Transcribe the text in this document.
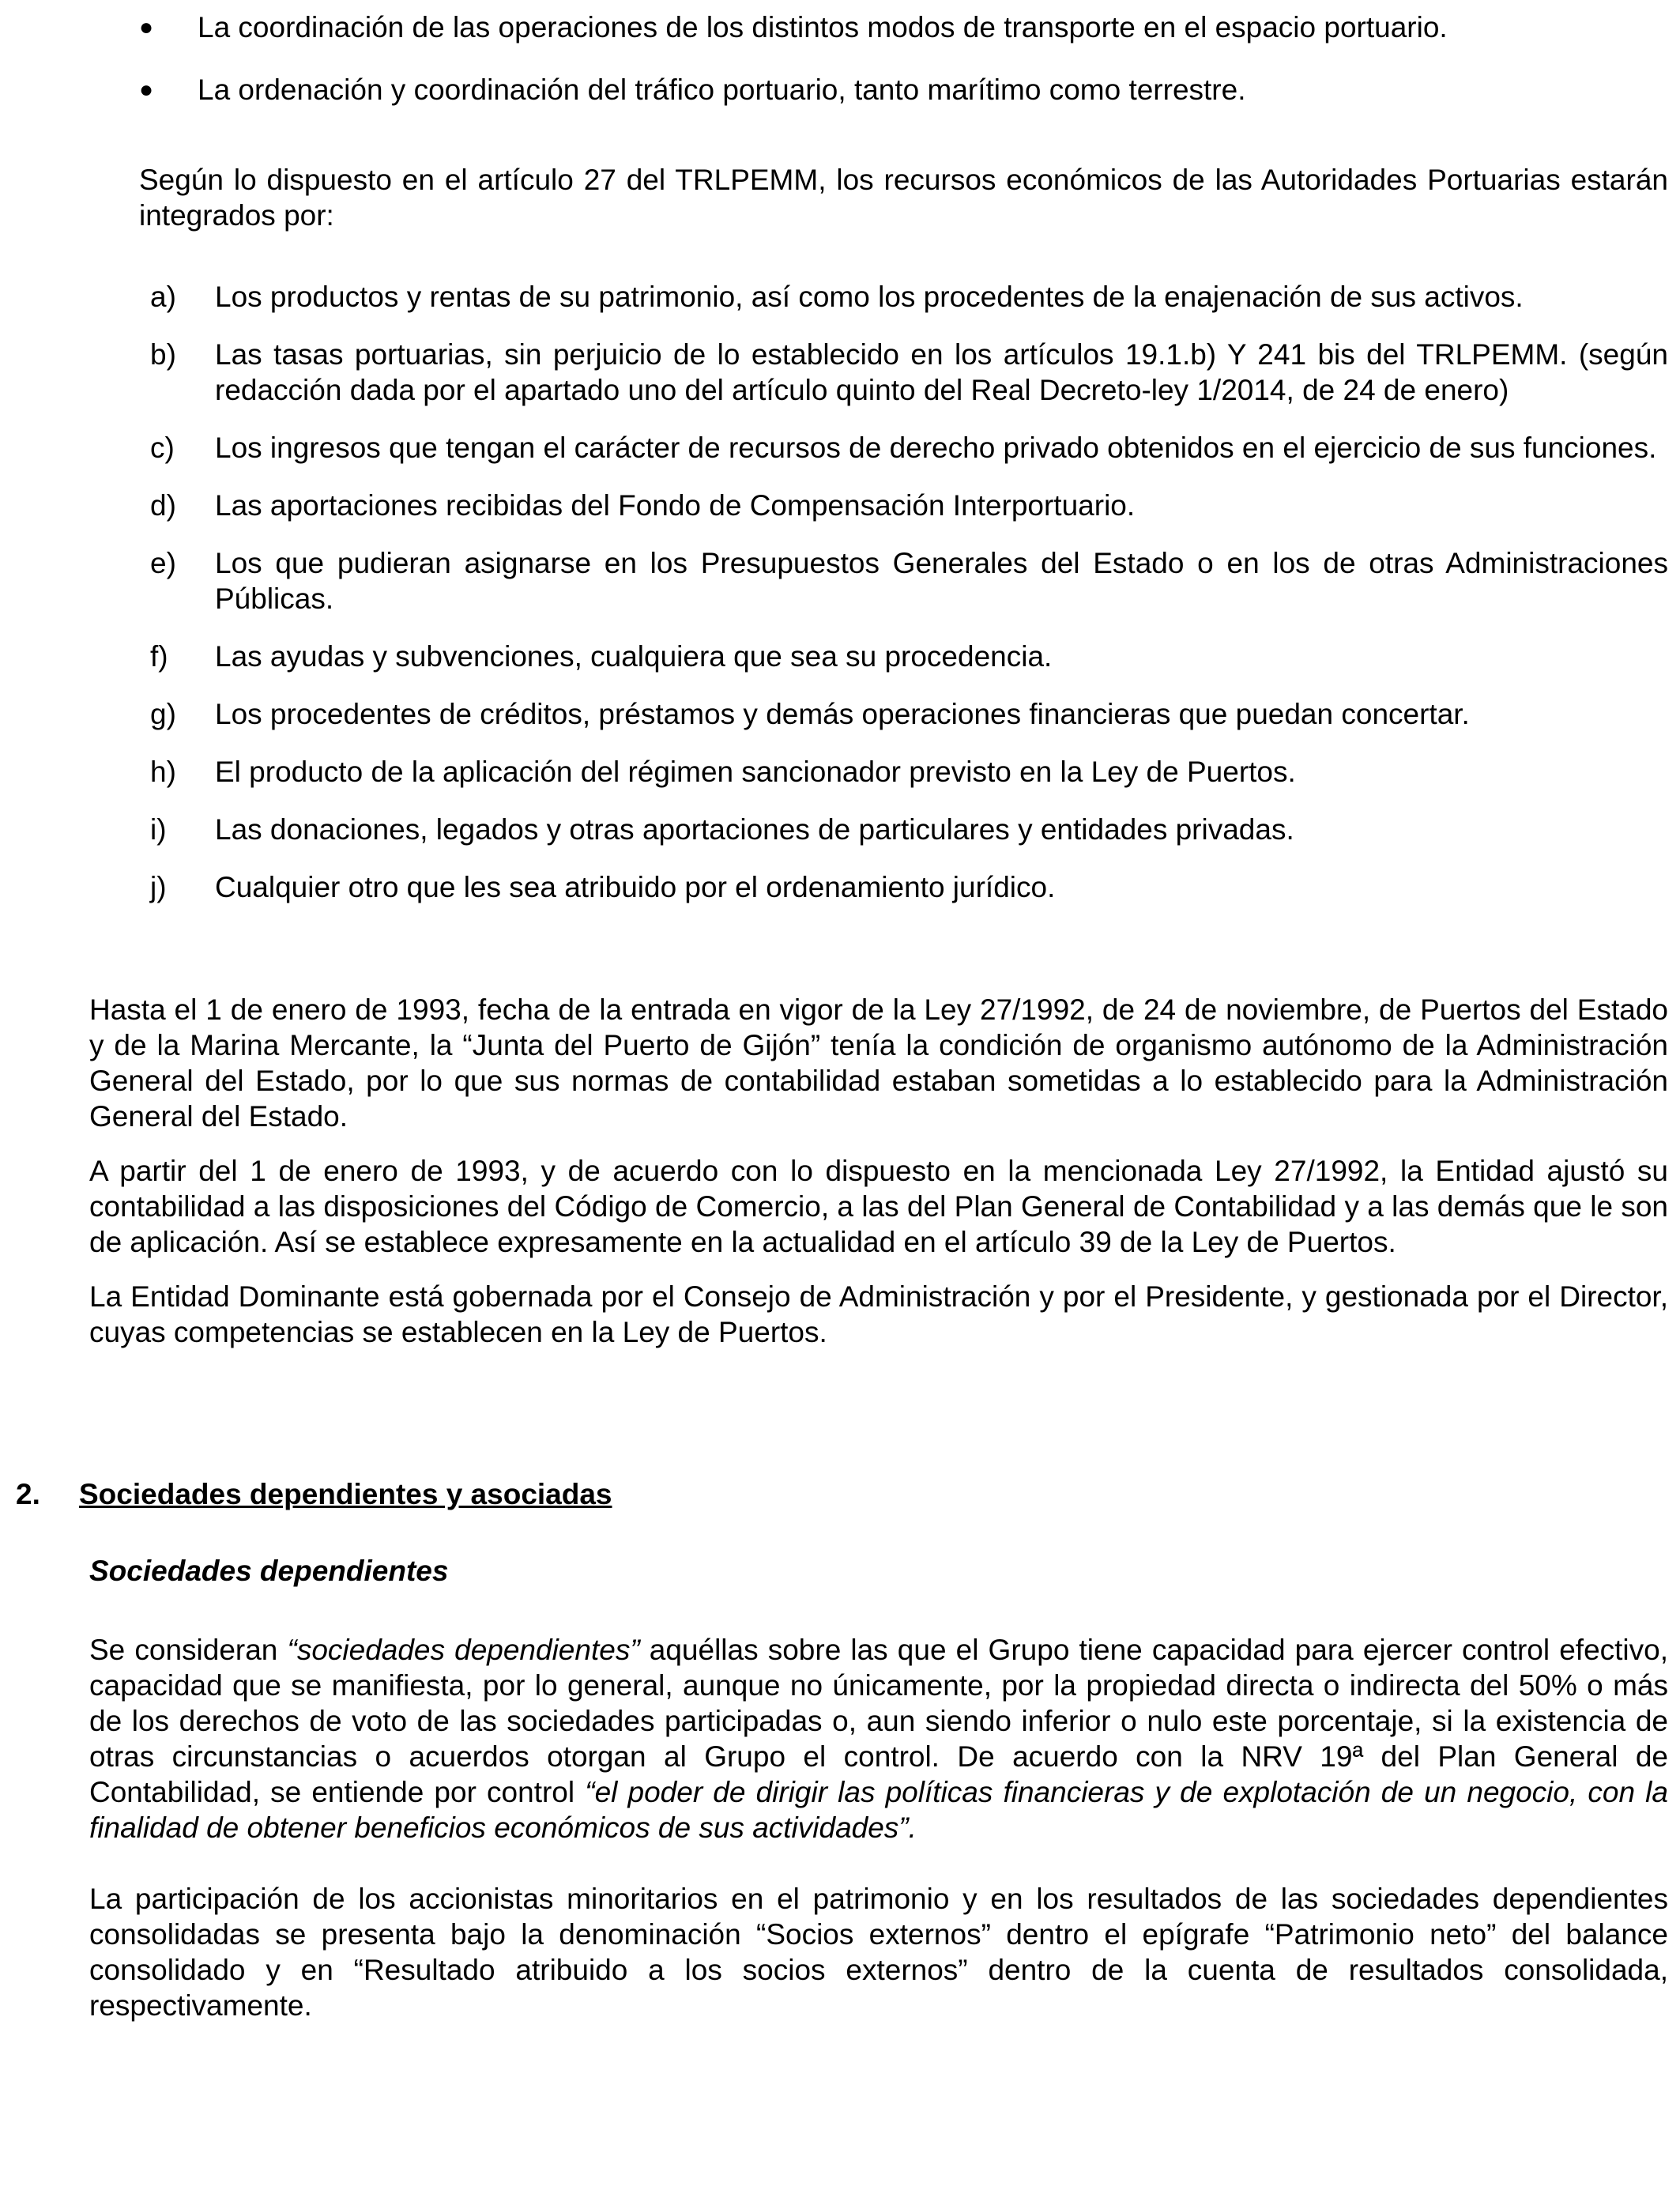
● La coordinación de las operaciones de los distintos modos de transporte en el espacio portuario.
● La ordenación y coordinación del tráfico portuario, tanto marítimo como terrestre.
Según lo dispuesto en el artículo 27 del TRLPEMM, los recursos económicos de las Autoridades Portuarias estarán integrados por:
a) Los productos y rentas de su patrimonio, así como los procedentes de la enajenación de sus activos.
b) Las tasas portuarias, sin perjuicio de lo establecido en los artículos 19.1.b) Y 241 bis del TRLPEMM. (según redacción dada por el apartado uno del artículo quinto del Real Decreto-ley 1/2014, de 24 de enero)
c) Los ingresos que tengan el carácter de recursos de derecho privado obtenidos en el ejercicio de sus funciones.
d) Las aportaciones recibidas del Fondo de Compensación Interportuario.
e) Los que pudieran asignarse en los Presupuestos Generales del Estado o en los de otras Administraciones Públicas.
f) Las ayudas y subvenciones, cualquiera que sea su procedencia.
g) Los procedentes de créditos, préstamos y demás operaciones financieras que puedan concertar.
h) El producto de la aplicación del régimen sancionador previsto en la Ley de Puertos.
i) Las donaciones, legados y otras aportaciones de particulares y entidades privadas.
j) Cualquier otro que les sea atribuido por el ordenamiento jurídico.

Hasta el 1 de enero de 1993, fecha de la entrada en vigor de la Ley 27/1992, de 24 de noviembre, de Puertos del Estado y de la Marina Mercante, la “Junta del Puerto de Gijón” tenía la condición de organismo autónomo de la Administración General del Estado, por lo que sus normas de contabilidad estaban sometidas a lo establecido para la Administración General del Estado.

A partir del 1 de enero de 1993, y de acuerdo con lo dispuesto en la mencionada Ley 27/1992, la Entidad ajustó su contabilidad a las disposiciones del Código de Comercio, a las del Plan General de Contabilidad y a las demás que le son de aplicación. Así se establece expresamente en la actualidad en el artículo 39 de la Ley de Puertos.

La Entidad Dominante está gobernada por el Consejo de Administración y por el Presidente, y gestionada por el Director, cuyas competencias se establecen en la Ley de Puertos.

2. Sociedades dependientes y asociadas
Sociedades dependientes

Se consideran “sociedades dependientes” aquéllas sobre las que el Grupo tiene capacidad para ejercer control efectivo, capacidad que se manifiesta, por lo general, aunque no únicamente, por la propiedad directa o indirecta del 50% o más de los derechos de voto de las sociedades participadas o, aun siendo inferior o nulo este porcentaje, si la existencia de otras circunstancias o acuerdos otorgan al Grupo el control. De acuerdo con la NRV 19ª del Plan General de Contabilidad, se entiende por control “el poder de dirigir las políticas financieras y de explotación de un negocio, con la finalidad de obtener beneficios económicos de sus actividades”.

La participación de los accionistas minoritarios en el patrimonio y en los resultados de las sociedades dependientes consolidadas se presenta bajo la denominación “Socios externos” dentro el epígrafe “Patrimonio neto” del balance consolidado y en “Resultado atribuido a los socios externos” dentro de la cuenta de resultados consolidada, respectivamente.
